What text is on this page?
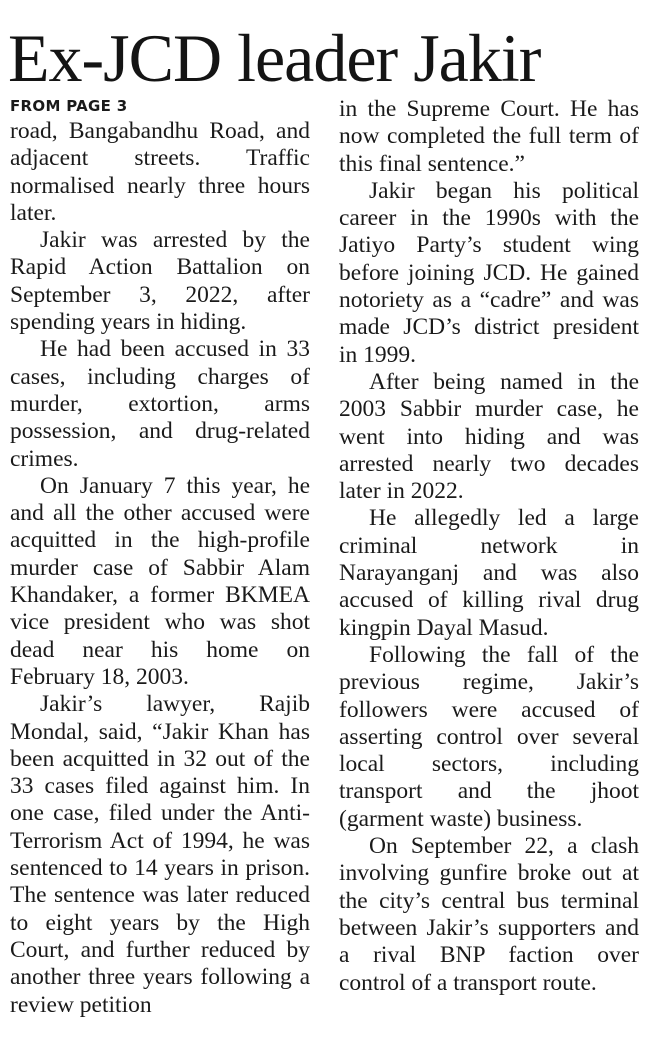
Ex-JCD leader Jakir
FROM PAGE 3

road, Bangabandhu Road, and adjacent streets. Traffic normalised nearly three hours later.

Jakir was arrested by the Rapid Action Battalion on September 3, 2022, after spending years in hiding.

He had been accused in 33 cases, including charges of murder, extortion, arms possession, and drug-related crimes.

On January 7 this year, he and all the other accused were acquitted in the high-profile murder case of Sabbir Alam Khandaker, a former BKMEA vice president who was shot dead near his home on February 18, 2003.

Jakir’s lawyer, Rajib Mondal, said, “Jakir Khan has been acquitted in 32 out of the 33 cases filed against him. In one case, filed under the Anti-Terrorism Act of 1994, he was sentenced to 14 years in prison. The sentence was later reduced to eight years by the High Court, and further reduced by another three years following a review petition

in the Supreme Court. He has now completed the full term of this final sentence.”

Jakir began his political career in the 1990s with the Jatiyo Party’s student wing before joining JCD. He gained notoriety as a “cadre” and was made JCD’s district president in 1999.

After being named in the 2003 Sabbir murder case, he went into hiding and was arrested nearly two decades later in 2022.

He allegedly led a large criminal network in Narayanganj and was also accused of killing rival drug kingpin Dayal Masud.

Following the fall of the previous regime, Jakir’s followers were accused of asserting control over several local sectors, including transport and the jhoot (garment waste) business.

On September 22, a clash involving gunfire broke out at the city’s central bus terminal between Jakir’s supporters and a rival BNP faction over control of a transport route.
